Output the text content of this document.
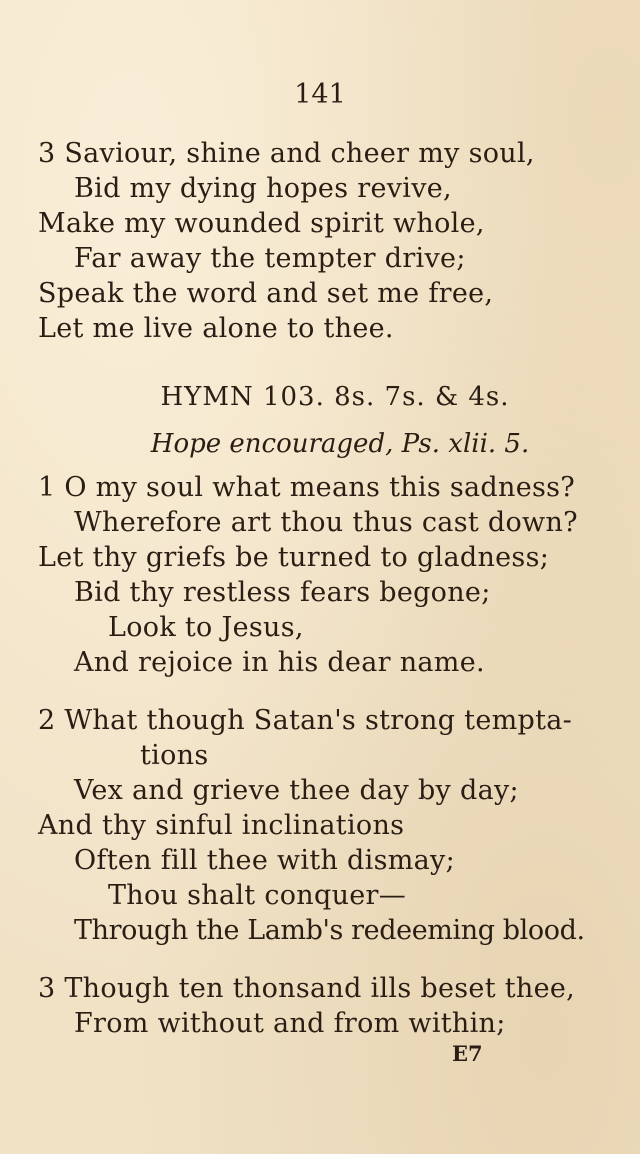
141
3 Saviour, shine and cheer my soul,
Bid my dying hopes revive,
Make my wounded spirit whole,
Far away the tempter drive;
Speak the word and set me free,
Let me live alone to thee.
HYMN 103. 8s. 7s. & 4s.
Hope encouraged, Ps. xlii. 5.
1 O my soul what means this sadness?
Wherefore art thou thus cast down?
Let thy griefs be turned to gladness;
Bid thy restless fears begone;
Look to Jesus,
And rejoice in his dear name.
2 What though Satan's strong tempta-
tions
Vex and grieve thee day by day;
And thy sinful inclinations
Often fill thee with dismay;
Thou shalt conquer—
Through the Lamb's redeeming blood.
3 Though ten thonsand ills beset thee,
From without and from within;
E7
